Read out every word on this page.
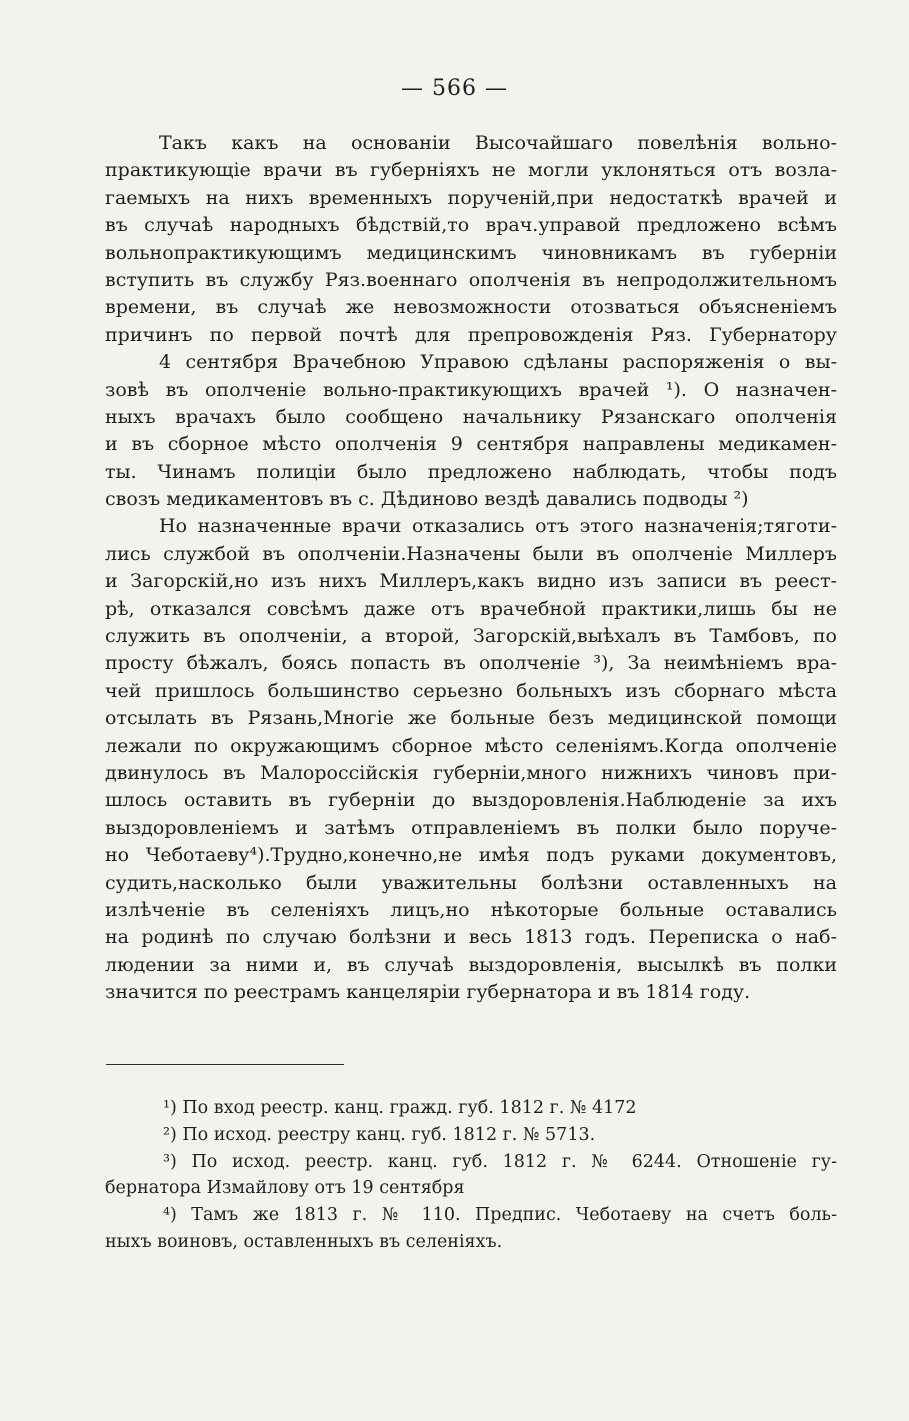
— 566 —
Такъ какъ на основаніи Высочайшаго повелѣнія вольно-
практикующіе врачи въ губерніяхъ не могли уклоняться отъ возла-
гаемыхъ на нихъ временныхъ порученій,при недостаткѣ врачей и
въ случаѣ народныхъ бѣдствій,то врач.управой предложено всѣмъ
вольнопрактикующимъ медицинскимъ чиновникамъ въ губерніи
вступить въ службу Ряз.военнаго ополченія въ непродолжительномъ
времени, въ случаѣ же невозможности отозваться объясненіемъ
причинъ по первой почтѣ для препровожденія Ряз. Губернатору
4 сентября Врачебною Управою сдѣланы распоряженія о вы-
зовѣ въ ополченіе вольно-практикующихъ врачей ¹). О назначен-
ныхъ врачахъ было сообщено начальнику Рязанскаго ополченія
и въ сборное мѣсто ополченія 9 сентября направлены медикамен-
ты. Чинамъ полиціи было предложено наблюдать, чтобы подъ
свозъ медикаментовъ въ с. Дѣдиново вездѣ давались подводы ²)
Но назначенные врачи отказались отъ этого назначенія;тяготи-
лись службой въ ополченіи.Назначены были въ ополченіе Миллеръ
и Загорскій,но изъ нихъ Миллеръ,какъ видно изъ записи въ реест-
рѣ, отказался совсѣмъ даже отъ врачебной практики,лишь бы не
служить въ ополченіи, а второй, Загорскій,выѣхалъ въ Тамбовъ, по
просту бѣжалъ, боясь попасть въ ополченіе ³), За неимѣніемъ вра-
чей пришлось большинство серьезно больныхъ изъ сборнаго мѣста
отсылать въ Рязань,Многіе же больные безъ медицинской помощи
лежали по окружающимъ сборное мѣсто селеніямъ.Когда ополченіе
двинулось въ Малороссійскія губерніи,много нижнихъ чиновъ при-
шлось оставить въ губерніи до выздоровленія.Наблюденіе за ихъ
выздоровленіемъ и затѣмъ отправленіемъ въ полки было поруче-
но Чеботаеву⁴).Трудно,конечно,не имѣя подъ руками документовъ,
судить,насколько были уважительны болѣзни оставленныхъ на
излѣченіе въ селеніяхъ лицъ,но нѣкоторые больные оставались
на родинѣ по случаю болѣзни и весь 1813 годъ. Переписка о наб-
людении за ними и, въ случаѣ выздоровленія, высылкѣ въ полки
значится по реестрамъ канцеляріи губернатора и въ 1814 году.
¹) По вход реестр. канц. гражд. губ. 1812 г. № 4172
²) По исход. реестру канц. губ. 1812 г. № 5713.
³) По исход. реестр. канц. губ. 1812 г. № 6244. Отношеніе гу-
бернатора Измайлову отъ 19 сентября
⁴) Тамъ же 1813 г. № 110. Предпис. Чеботаеву на счетъ боль-
ныхъ воиновъ, оставленныхъ въ селеніяхъ.
